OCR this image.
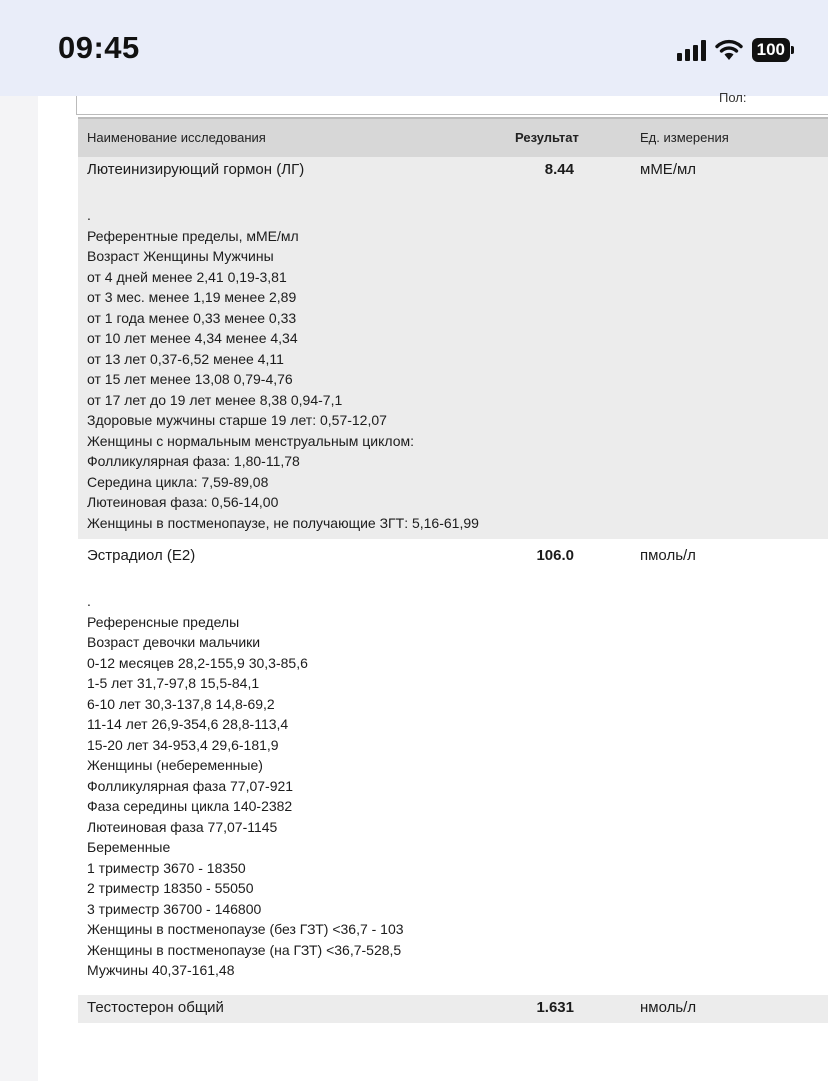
09:45	100
Пол:
Наименование исследования	Результат	Ед. измерения
Лютеинизирующий гормон (ЛГ)	8.44	мМЕ/мл
.
Референтные пределы, мМЕ/мл
Возраст Женщины Мужчины
от 4 дней менее 2,41 0,19-3,81
от 3 мес. менее 1,19 менее 2,89
от 1 года менее 0,33 менее 0,33
от 10 лет менее 4,34 менее 4,34
от 13 лет 0,37-6,52 менее 4,11
от 15 лет менее 13,08 0,79-4,76
от 17 лет до 19 лет менее 8,38 0,94-7,1
Здоровые мужчины старше 19 лет: 0,57-12,07
Женщины с нормальным менструальным циклом:
Фолликулярная фаза: 1,80-11,78
Середина цикла: 7,59-89,08
Лютеиновая фаза: 0,56-14,00
Женщины в постменопаузе, не получающие ЗГТ: 5,16-61,99
Эстрадиол (Е2)	106.0	пмоль/л
.
Референсные пределы
Возраст девочки мальчики
0-12 месяцев 28,2-155,9 30,3-85,6
1-5 лет 31,7-97,8 15,5-84,1
6-10 лет 30,3-137,8 14,8-69,2
11-14 лет 26,9-354,6 28,8-113,4
15-20 лет 34-953,4 29,6-181,9
Женщины (небеременные)
Фолликулярная фаза 77,07-921
Фаза середины цикла 140-2382
Лютеиновая фаза 77,07-1145
Беременные
1 триместр 3670 - 18350
2 триместр 18350 - 55050
3 триместр 36700 - 146800
Женщины в постменопаузе (без ГЗТ) <36,7 - 103
Женщины в постменопаузе (на ГЗТ) <36,7-528,5
Мужчины 40,37-161,48
Тестостерон общий	1.631	нмоль/л
